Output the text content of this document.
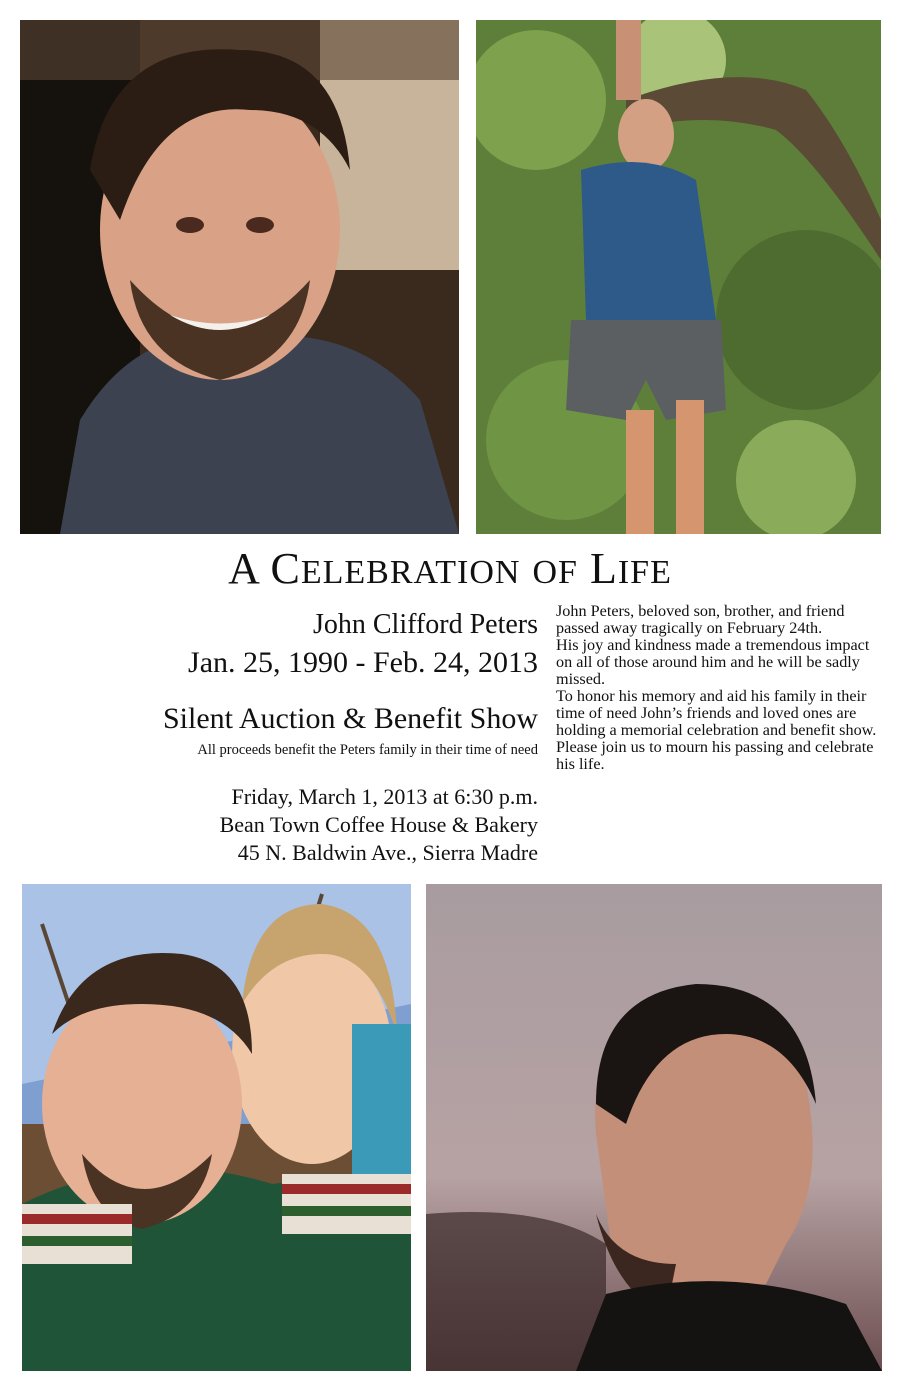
A CELEBRATION OF LIFE
John Clifford Peters
Jan. 25, 1990 - Feb. 24, 2013
Silent Auction & Benefit Show
All proceeds benefit the Peters family in their time of need
Friday, March 1, 2013 at 6:30 p.m.
Bean Town Coffee House & Bakery
45 N. Baldwin Ave., Sierra Madre

John Peters, beloved son, brother, and friend passed away tragically on February 24th.

His joy and kindness made a tremendous impact on all of those around him and he will be sadly missed.

To honor his memory and aid his family in their time of need John’s friends and loved ones are holding a memorial celebration and benefit show. Please join us to mourn his passing and celebrate his life.
